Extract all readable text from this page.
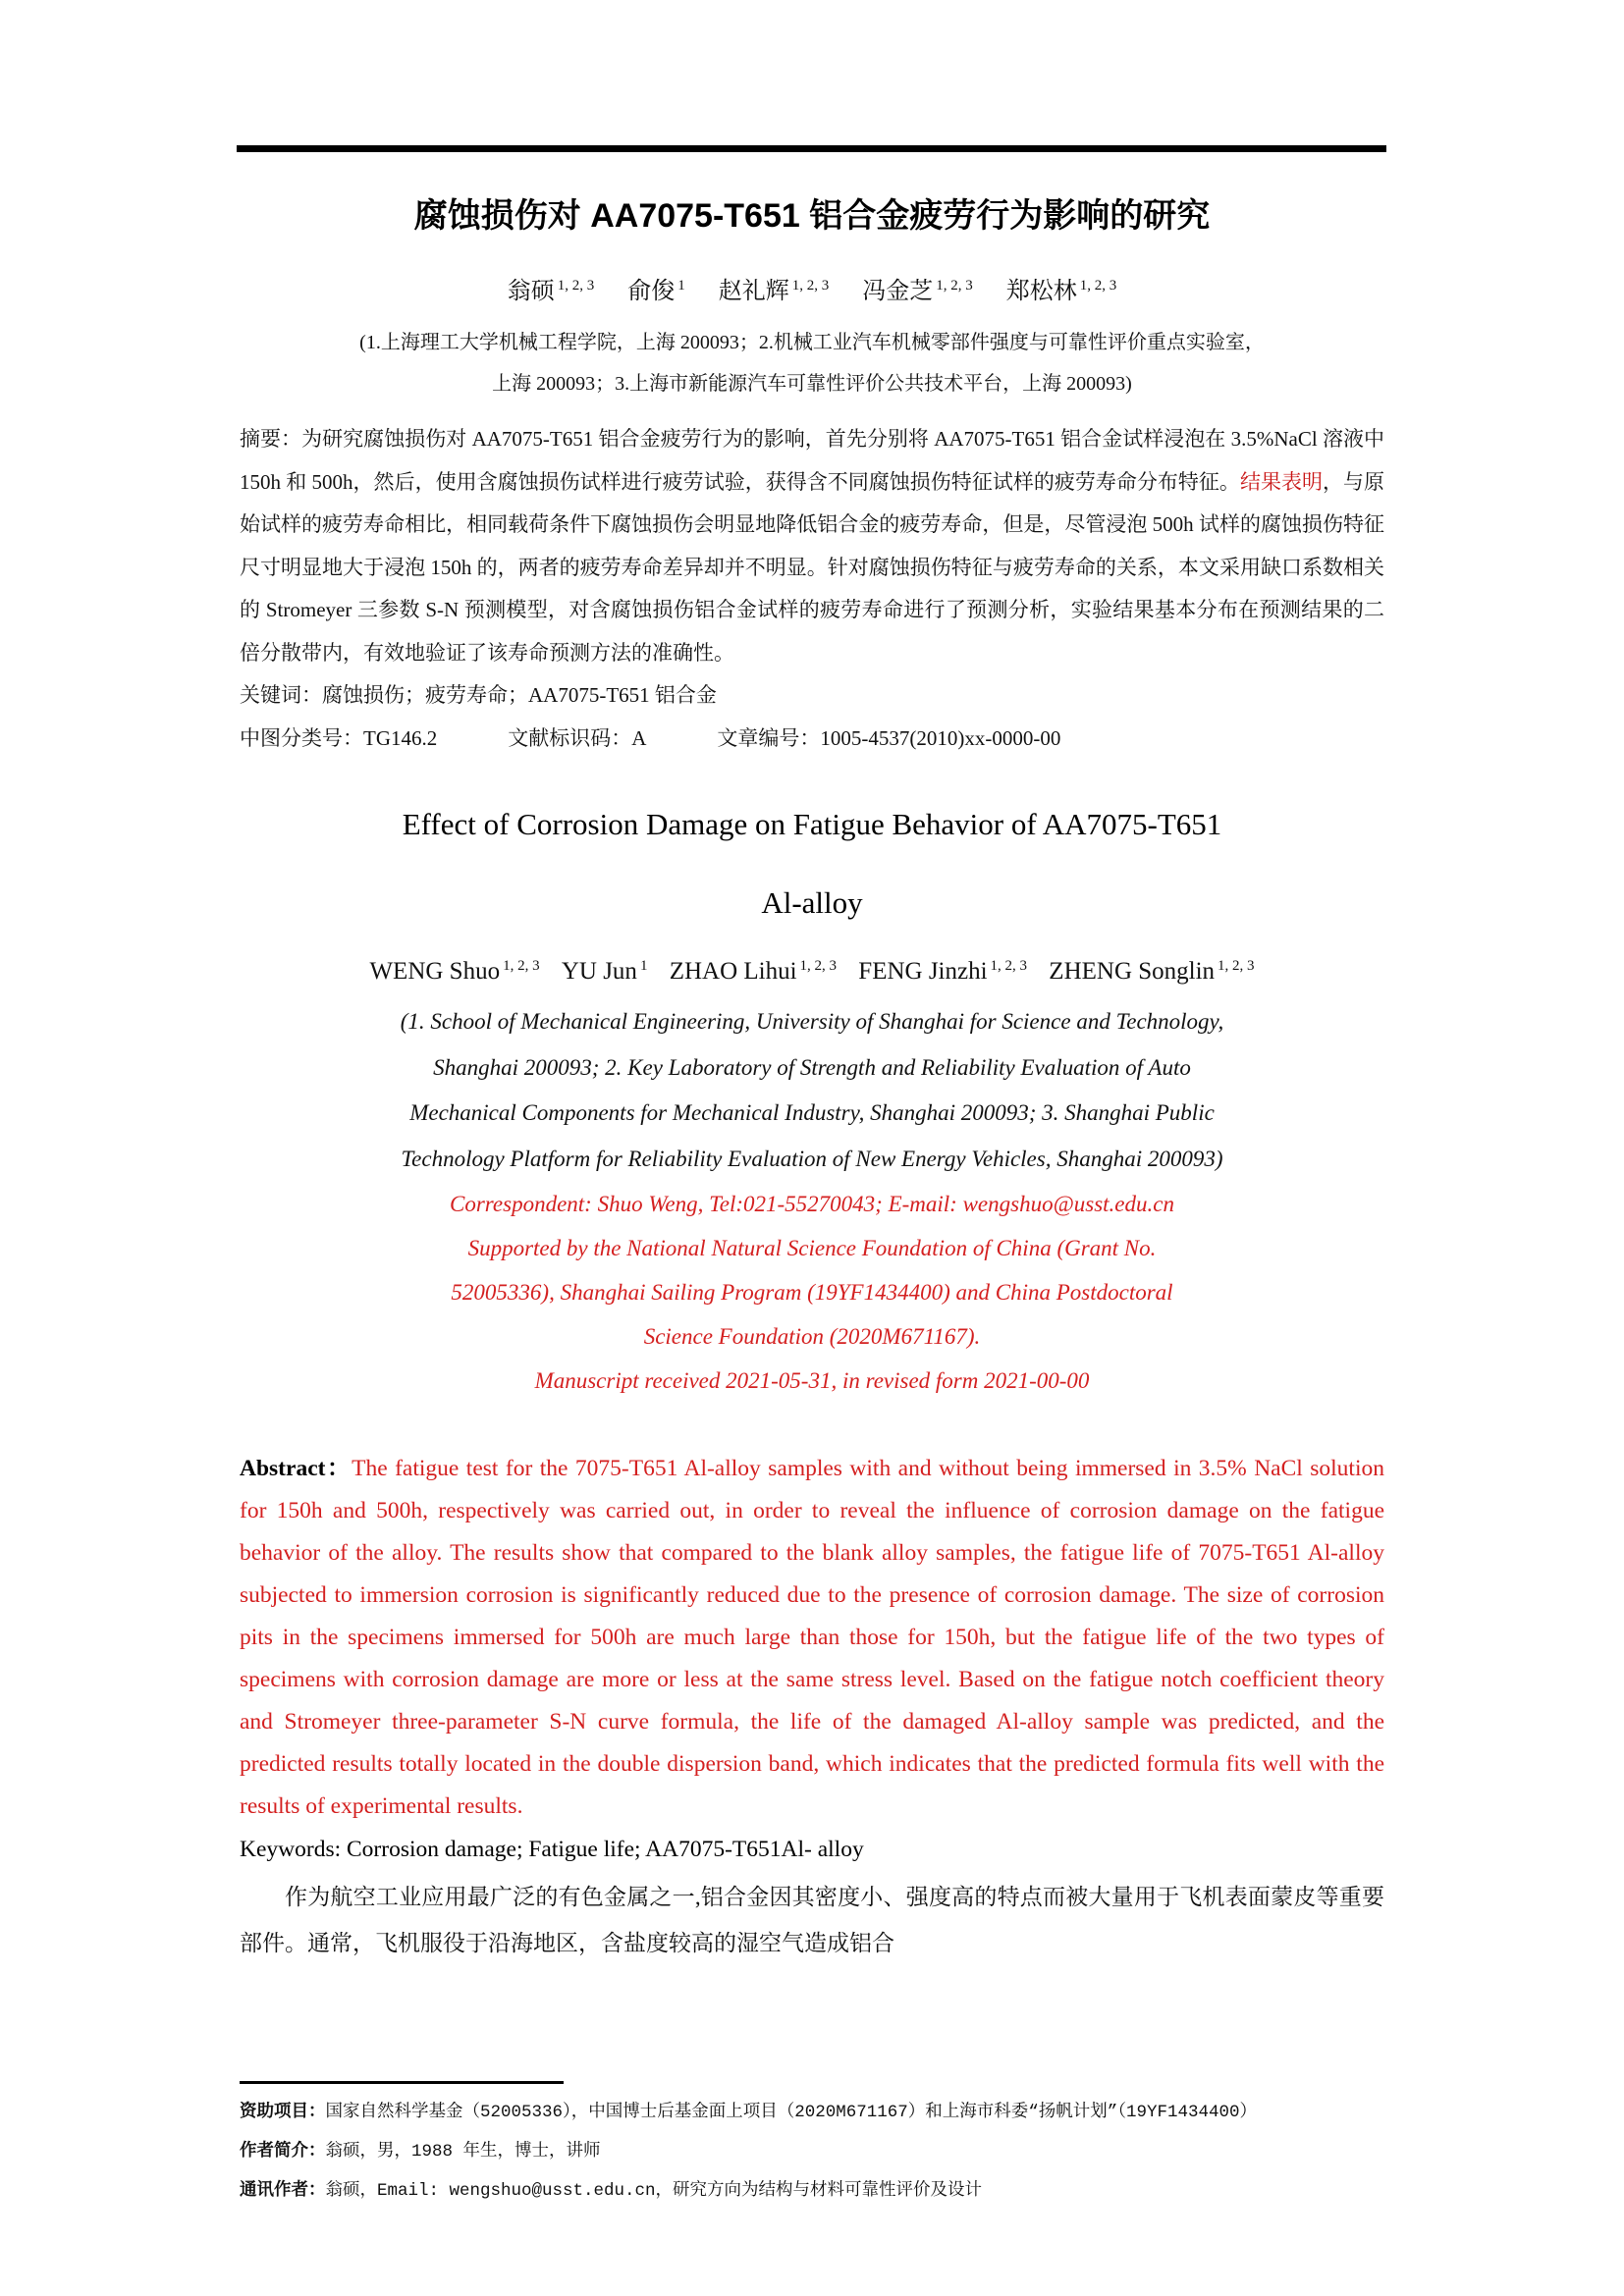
腐蚀损伤对 AA7075-T651 铝合金疲劳行为影响的研究
翁硕 $^{1, 2, 3}$ 俞俊 $^1$ 赵礼辉 $^{1, 2, 3}$ 冯金芝 $^{1, 2, 3}$ 郑松林 $^{1, 2, 3}$
(1.上海理工大学机械工程学院，上海 200093；2.机械工业汽车机械零部件强度与可靠性评价重点实验室，
上海 200093；3.上海市新能源汽车可靠性评价公共技术平台，上海 200093)

摘要：为研究腐蚀损伤对 AA7075-T651 铝合金疲劳行为的影响，首先分别将 AA7075-T651 铝合金试样浸泡在 3.5%NaCl 溶液中 150h 和 500h，然后，使用含腐蚀损伤试样进行疲劳试验，获得含不同腐蚀损伤特征试样的疲劳寿命分布特征。结果表明，与原始试样的疲劳寿命相比，相同载荷条件下腐蚀损伤会明显地降低铝合金的疲劳寿命，但是，尽管浸泡 500h 试样的腐蚀损伤特征尺寸明显地大于浸泡 150h 的，两者的疲劳寿命差异却并不明显。针对腐蚀损伤特征与疲劳寿命的关系，本文采用缺口系数相关的 Stromeyer 三参数 S-N 预测模型，对含腐蚀损伤铝合金试样的疲劳寿命进行了预测分析，实验结果基本分布在预测结果的二倍分散带内，有效地验证了该寿命预测方法的准确性。

关键词：腐蚀损伤；疲劳寿命；AA7075-T651 铝合金

中图分类号：TG146.2	文献标识码：A	文章编号：1005-4537(2010)xx-0000-00

Effect of Corrosion Damage on Fatigue Behavior of AA7075-T651
Al-alloy
WENG Shuo $^{1, 2, 3}$ YU Jun $^1$ ZHAO Lihui $^{1, 2, 3}$ FENG Jinzhi $^{1, 2, 3}$ ZHENG Songlin $^{1, 2, 3}$
(1. School of Mechanical Engineering, University of Shanghai for Science and Technology,
Shanghai 200093; 2. Key Laboratory of Strength and Reliability Evaluation of Auto
Mechanical Components for Mechanical Industry, Shanghai 200093; 3. Shanghai Public
Technology Platform for Reliability Evaluation of New Energy Vehicles, Shanghai 200093)
Correspondent: Shuo Weng, Tel:021-55270043; E-mail: wengshuo@usst.edu.cn
Supported by the National Natural Science Foundation of China (Grant No.
52005336), Shanghai Sailing Program (19YF1434400) and China Postdoctoral
Science Foundation (2020M671167).
Manuscript received 2021-05-31, in revised form 2021-00-00

Abstract：The fatigue test for the 7075-T651 Al-alloy samples with and without being immersed in 3.5% NaCl solution for 150h and 500h, respectively was carried out, in order to reveal the influence of corrosion damage on the fatigue behavior of the alloy. The results show that compared to the blank alloy samples, the fatigue life of 7075-T651 Al-alloy subjected to immersion corrosion is significantly reduced due to the presence of corrosion damage. The size of corrosion pits in the specimens immersed for 500h are much large than those for 150h, but the fatigue life of the two types of specimens with corrosion damage are more or less at the same stress level. Based on the fatigue notch coefficient theory and Stromeyer three-parameter S-N curve formula, the life of the damaged Al-alloy sample was predicted, and the predicted results totally located in the double dispersion band, which indicates that the predicted formula fits well with the results of experimental results.

Keywords: Corrosion damage; Fatigue life; AA7075-T651Al- alloy

作为航空工业应用最广泛的有色金属之一,铝合金因其密度小、强度高的特点而被大量用于飞机表面蒙皮等重要部件。通常，飞机服役于沿海地区，含盐度较高的湿空气造成铝合

资助项目：国家自然科学基金（52005336），中国博士后基金面上项目（2020M671167）和上海市科委“扬帆计划”（19YF1434400）
作者简介：翁硕，男，1988 年生，博士，讲师
通讯作者：翁硕，Email: wengshuo@usst.edu.cn，研究方向为结构与材料可靠性评价及设计
